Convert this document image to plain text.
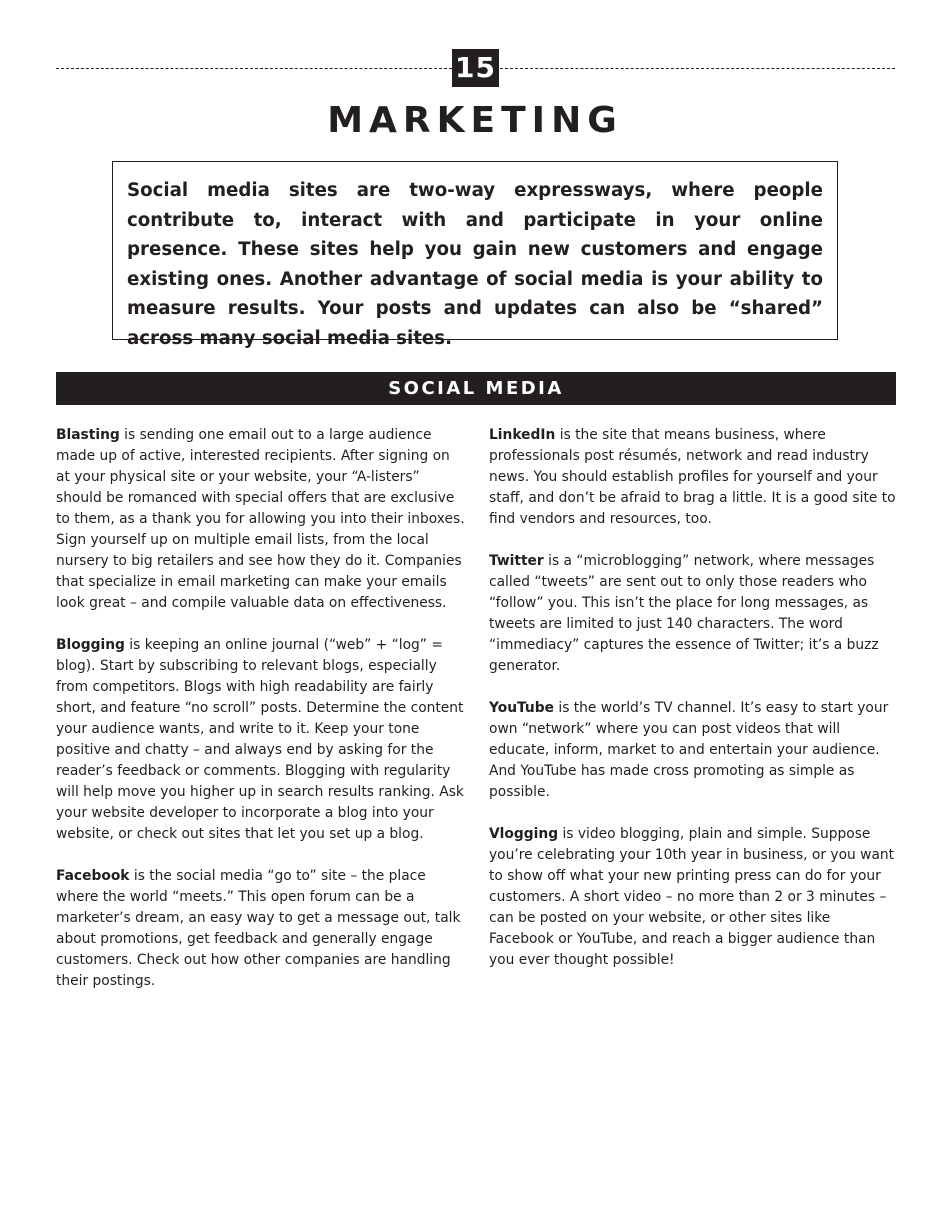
15
MARKETING
Social media sites are two-way expressways, where people contribute to, interact with and participate in your online presence. These sites help you gain new customers and engage existing ones. Another advantage of social media is your ability to measure results. Your posts and updates can also be “shared” across many social media sites.
SOCIAL MEDIA

Blasting is sending one email out to a large audience made up of active, interested recipients. After signing on at your physical site or your website, your “A-listers” should be romanced with special offers that are exclusive to them, as a thank you for allowing you into their inboxes. Sign yourself up on multiple email lists, from the local nursery to big retailers and see how they do it. Companies that specialize in email marketing can make your emails look great – and compile valuable data on effectiveness.

Blogging is keeping an online journal (“web” + “log” = blog). Start by subscribing to relevant blogs, especially from competitors. Blogs with high readability are fairly short, and feature “no scroll” posts. Determine the content your audience wants, and write to it. Keep your tone positive and chatty – and always end by asking for the reader’s feedback or comments. Blogging with regularity will help move you higher up in search results ranking. Ask your website developer to incorporate a blog into your website, or check out sites that let you set up a blog.

Facebook is the social media “go to” site – the place where the world “meets.” This open forum can be a marketer’s dream, an easy way to get a message out, talk about promotions, get feedback and generally engage customers. Check out how other companies are handling their postings.

LinkedIn is the site that means business, where professionals post résumés, network and read industry news. You should establish profiles for yourself and your staff, and don’t be afraid to brag a little. It is a good site to find vendors and resources, too.

Twitter is a “microblogging” network, where messages called “tweets” are sent out to only those readers who “follow” you. This isn’t the place for long messages, as tweets are limited to just 140 characters. The word “immediacy” captures the essence of Twitter; it’s a buzz generator.

YouTube is the world’s TV channel. It’s easy to start your own “network” where you can post videos that will educate, inform, market to and entertain your audience. And YouTube has made cross promoting as simple as possible.

Vlogging is video blogging, plain and simple. Suppose you’re celebrating your 10th year in business, or you want to show off what your new printing press can do for your customers. A short video – no more than 2 or 3 minutes – can be posted on your website, or other sites like Facebook or YouTube, and reach a bigger audience than you ever thought possible!
